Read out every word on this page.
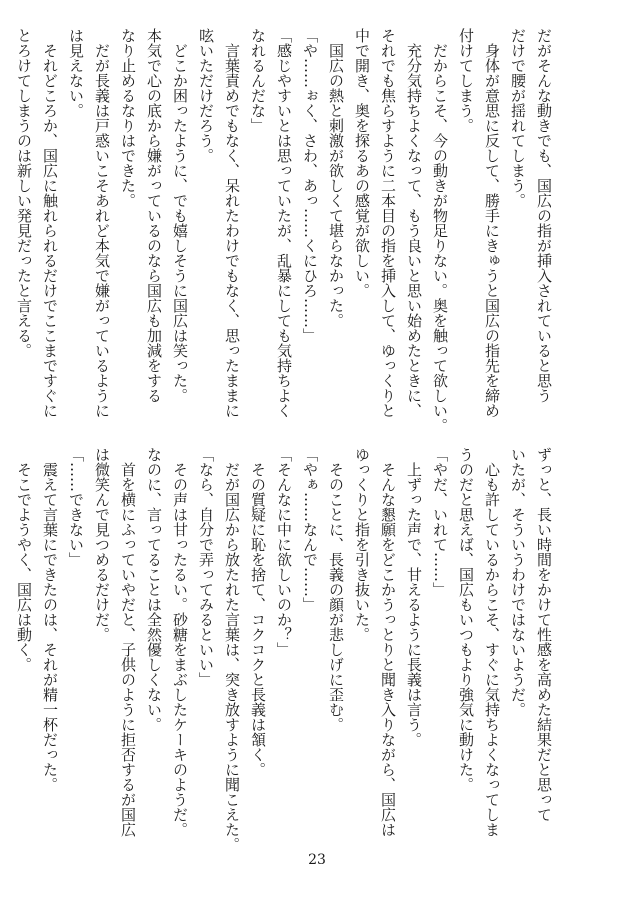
だがそんな動きでも、国広の指が挿入されていると思う

だけで腰が揺れてしまう。

　身体が意思に反して、勝手にきゅうと国広の指先を締め

付けてしまう。

　だからこそ、今の動きが物足りない。奥を触って欲しい。

　充分気持ちよくなって、もう良いと思い始めたときに、

それでも焦らすように二本目の指を挿入して、ゆっくりと

中で開き、奥を探るあの感覚が欲しい。

　国広の熱と刺激が欲しくて堪らなかった。

「や……ぉく、さわ、あっ……くにひろ……」

「感じやすいとは思っていたが、乱暴にしても気持ちよく

なれるんだな」

　言葉責めでもなく、呆れたわけでもなく、思ったままに

呟いただけだろう。

　どこか困ったように、でも嬉しそうに国広は笑った。

本気で心の底から嫌がっているのなら国広も加減をする

なり止めるなりはできた。

　だが長義は戸惑いこそあれど本気で嫌がっているように

は見えない。

　それどころか、国広に触れられるだけでここまですぐに

とろけてしまうのは新しい発見だったと言える。

ずっと、長い時間をかけて性感を高めた結果だと思って

いたが、そういうわけではないようだ。

　心も許しているからこそ、すぐに気持ちよくなってしま

うのだと思えば、国広もいつもより強気に動けた。

「やだ、いれて……」

　上ずった声で、甘えるように長義は言う。

　そんな懇願をどこかうっとりと聞き入りながら、国広は

ゆっくりと指を引き抜いた。

　そのことに、長義の顔が悲しげに歪む。

「やぁ……なんで……」

「そんなに中に欲しいのか？」

　その質疑に恥を捨て、コクコクと長義は頷く。

　だが国広から放たれた言葉は、突き放すように聞こえた。

「なら、自分で弄ってみるといい」

　その声は甘ったるい。砂糖をまぶしたケーキのようだ。

なのに、言ってることは全然優しくない。

　首を横にふっていやだと、子供のように拒否するが国広

は微笑んで見つめるだけだ。

「……できない」

　震えて言葉にできたのは、それが精一杯だった。

　そこでようやく、国広は動く。

23
